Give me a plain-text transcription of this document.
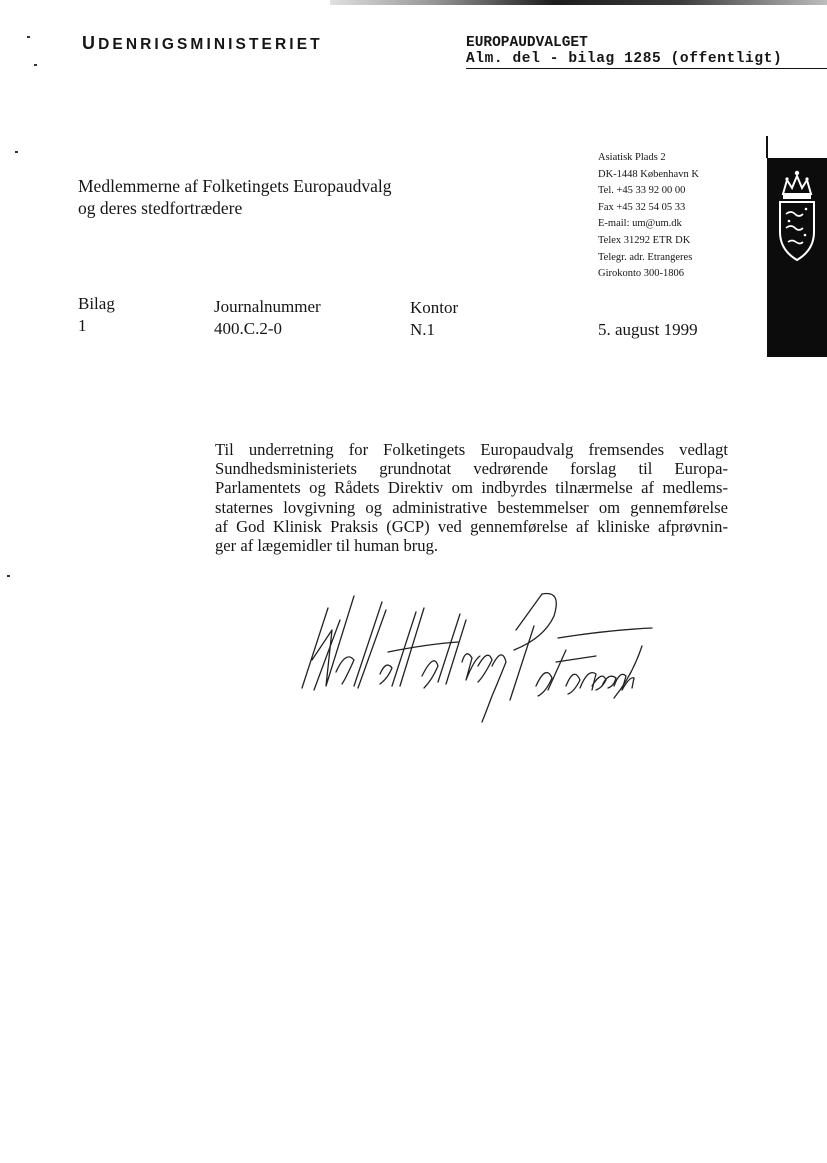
UDENRIGSMINISTERIET	EUROPAUDVALGET
Alm. del - bilag 1285 (offentligt)
Medlemmerne af Folketingets Europaudvalg
og deres stedfortrædere
Asiatisk Plads 2
DK-1448 København K
Tel. +45 33 92 00 00
Fax +45 32 54 05 33
E-mail: um@um.dk
Telex 31292 ETR DK
Telegr. adr. Etrangeres
Girokonto 300-1806
Bilag
1
Journalnummer
400.C.2-0
Kontor
N.1	5. august 1999
Til underretning for Folketingets Europaudvalg fremsendes vedlagt
Sundhedsministeriets grundnotat vedrørende forslag til Europa-
Parlamentets og Rådets Direktiv om indbyrdes tilnærmelse af medlems-
staternes lovgivning og administrative bestemmelser om gennemførelse
af God Klinisk Praksis (GCP) ved gennemførelse af kliniske afprøvnin-
ger af lægemidler til human brug.
